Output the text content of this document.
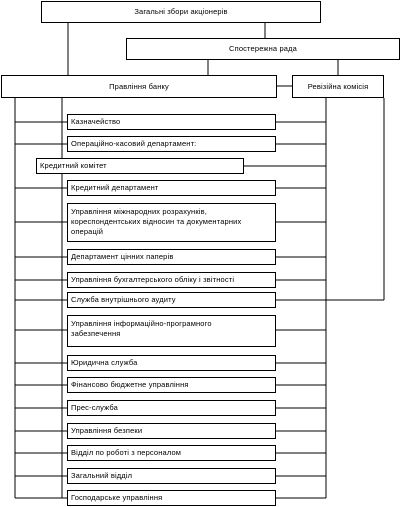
Загальні збори акціонерів
Спостережна рада
Правління банку	Ревізійна комісія
Казначейство
Операційно-касовий департамент:
Кредитний комітет
Кредитний департамент
Управління міжнародних розрахунків,
кореспондентських відносин та документарних
операцій
Департамент цінних паперів
Управління бухгалтерського обліку і звітності
Служба внутрішнього аудиту
Управління інформаційно-програмного
забезпечення
Юридична служба
Фінансово бюджетне управління
Прес-служба
Управління безпеки
Відділ по роботі з персоналом
Загальний відділ
Господарське управління
